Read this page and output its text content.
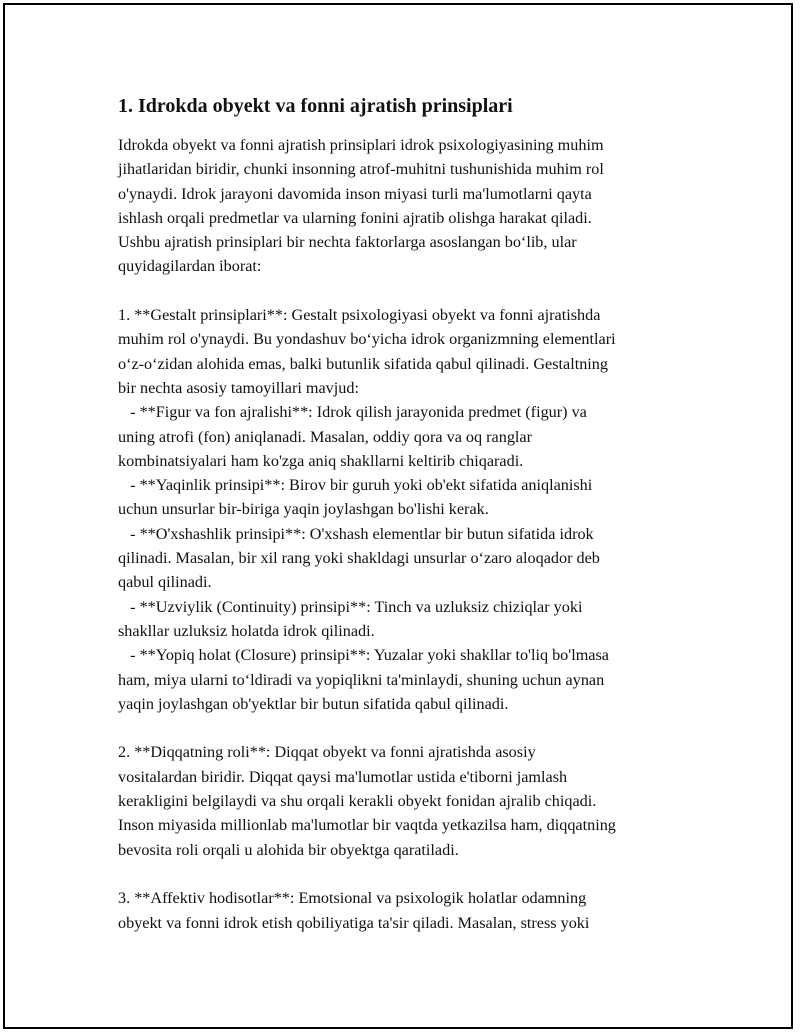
1. Idrokda obyekt va fonni ajratish prinsiplari

Idrokda obyekt va fonni ajratish prinsiplari idrok psixologiyasining muhim
jihatlaridan biridir, chunki insonning atrof-muhitni tushunishida muhim rol
o'ynaydi. Idrok jarayoni davomida inson miyasi turli ma'lumotlarni qayta
ishlash orqali predmetlar va ularning fonini ajratib olishga harakat qiladi.
Ushbu ajratish prinsiplari bir nechta faktorlarga asoslangan bo‘lib, ular
quyidagilardan iborat:

1. **Gestalt prinsiplari**: Gestalt psixologiyasi obyekt va fonni ajratishda
muhim rol o'ynaydi. Bu yondashuv bo‘yicha idrok organizmning elementlari
o‘z-o‘zidan alohida emas, balki butunlik sifatida qabul qilinadi. Gestaltning
bir nechta asosiy tamoyillari mavjud:
- **Figur va fon ajralishi**: Idrok qilish jarayonida predmet (figur) va
uning atrofi (fon) aniqlanadi. Masalan, oddiy qora va oq ranglar
kombinatsiyalari ham ko'zga aniq shakllarni keltirib chiqaradi.
- **Yaqinlik prinsipi**: Birov bir guruh yoki ob'ekt sifatida aniqlanishi
uchun unsurlar bir-biriga yaqin joylashgan bo'lishi kerak.
- **O'xshashlik prinsipi**: O'xshash elementlar bir butun sifatida idrok
qilinadi. Masalan, bir xil rang yoki shakldagi unsurlar o‘zaro aloqador deb
qabul qilinadi.
- **Uzviylik (Continuity) prinsipi**: Tinch va uzluksiz chiziqlar yoki
shakllar uzluksiz holatda idrok qilinadi.
- **Yopiq holat (Closure) prinsipi**: Yuzalar yoki shakllar to'liq bo'lmasa
ham, miya ularni to‘ldiradi va yopiqlikni ta'minlaydi, shuning uchun aynan
yaqin joylashgan ob'yektlar bir butun sifatida qabul qilinadi.

2. **Diqqatning roli**: Diqqat obyekt va fonni ajratishda asosiy
vositalardan biridir. Diqqat qaysi ma'lumotlar ustida e'tiborni jamlash
kerakligini belgilaydi va shu orqali kerakli obyekt fonidan ajralib chiqadi.
Inson miyasida millionlab ma'lumotlar bir vaqtda yetkazilsa ham, diqqatning
bevosita roli orqali u alohida bir obyektga qaratiladi.

3. **Affektiv hodisotlar**: Emotsional va psixologik holatlar odamning
obyekt va fonni idrok etish qobiliyatiga ta'sir qiladi. Masalan, stress yoki
